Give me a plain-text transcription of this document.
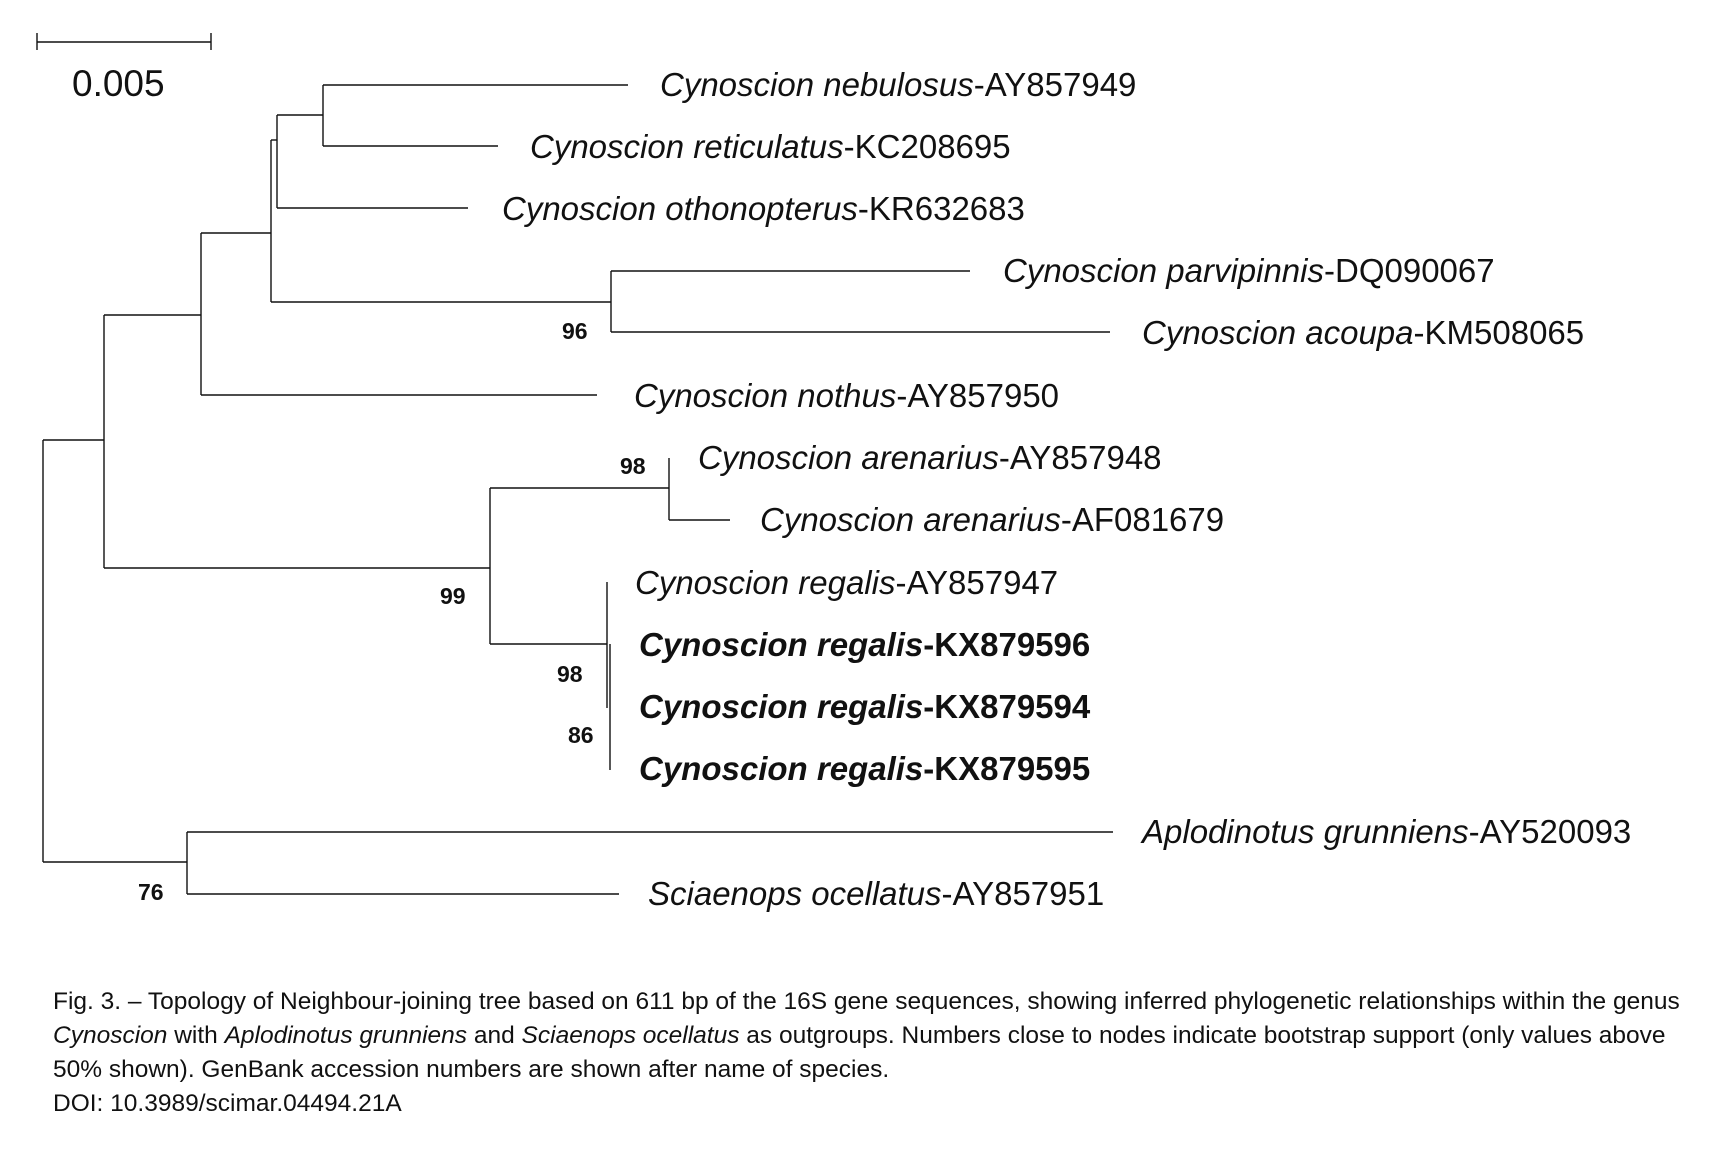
0.005	Cynoscion nebulosus-AY857949
Cynoscion reticulatus-KC208695
Cynoscion othonopterus-KR632683
Cynoscion parvipinnis-DQ090067
Cynoscion acoupa-KM508065
Cynoscion nothus-AY857950
Cynoscion arenarius-AY857948
Cynoscion arenarius-AF081679
Cynoscion regalis-AY857947
Cynoscion regalis-KX879596
Cynoscion regalis-KX879594
Cynoscion regalis-KX879595
Aplodinotus grunniens-AY520093
Sciaenops ocellatus-AY857951
96
98
99
98
86
76

Fig. 3. – Topology of Neighbour-joining tree based on 611 bp of the 16S gene sequences, showing inferred phylogenetic relationships within the genus Cynoscion with Aplodinotus grunniens and Sciaenops ocellatus as outgroups. Numbers close to nodes indicate bootstrap support (only values above 50% shown). GenBank accession numbers are shown after name of species.
DOI: 10.3989/scimar.04494.21A
